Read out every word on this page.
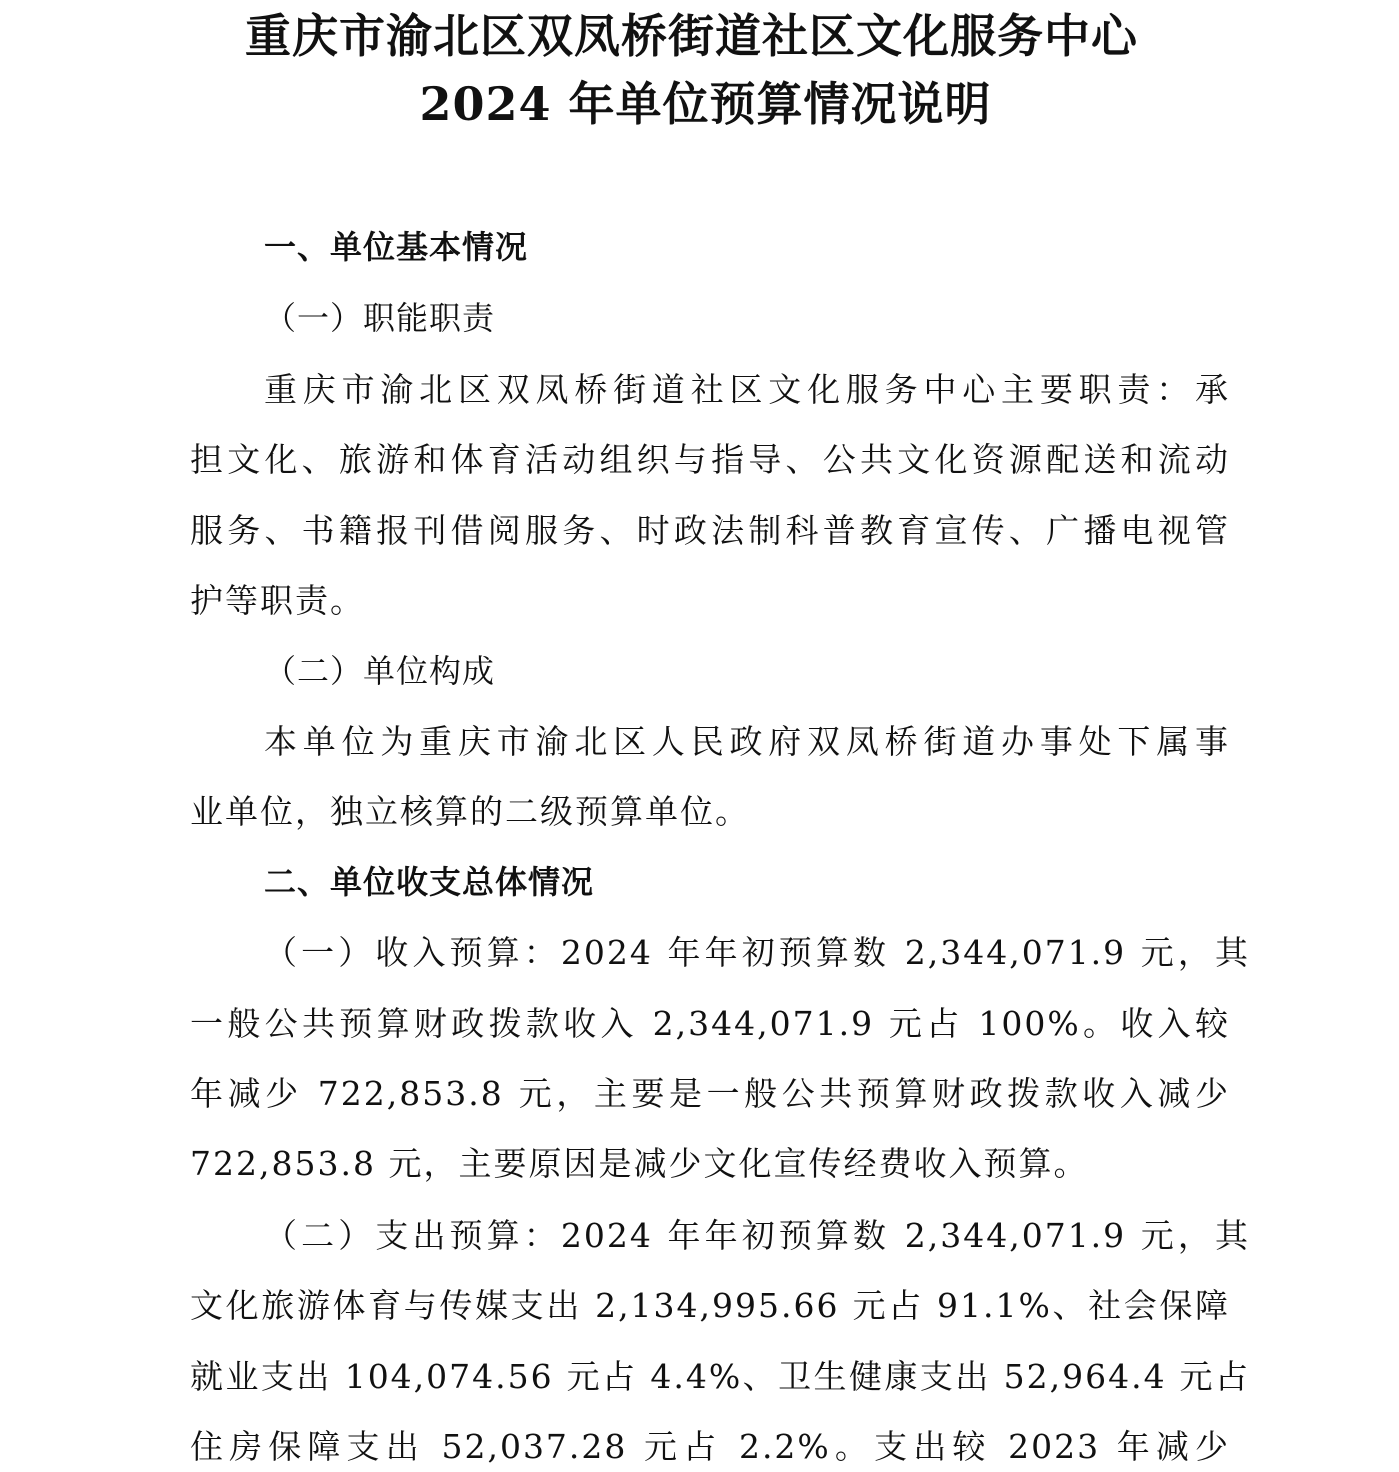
重庆市渝北区双凤桥街道社区文化服务中心
2024 年单位预算情况说明
一、单位基本情况
（一）职能职责
重庆市渝北区双凤桥街道社区文化服务中心主要职责：承
担文化、旅游和体育活动组织与指导、公共文化资源配送和流动
服务、书籍报刊借阅服务、时政法制科普教育宣传、广播电视管
护等职责。
（二）单位构成
本单位为重庆市渝北区人民政府双凤桥街道办事处下属事
业单位，独立核算的二级预算单位。
二、单位收支总体情况
（一）收入预算：2024 年年初预算数 2,344,071.9 元，其
一般公共预算财政拨款收入 2,344,071.9 元占 100%。收入较
年减少 722,853.8 元，主要是一般公共预算财政拨款收入减少
722,853.8 元，主要原因是减少文化宣传经费收入预算。
（二）支出预算：2024 年年初预算数 2,344,071.9 元，其
文化旅游体育与传媒支出 2,134,995.66 元占 91.1%、社会保障
就业支出 104,074.56 元占 4.4%、卫生健康支出 52,964.4 元占
住房保障支出 52,037.28 元占 2.2%。支出较 2023 年减少
